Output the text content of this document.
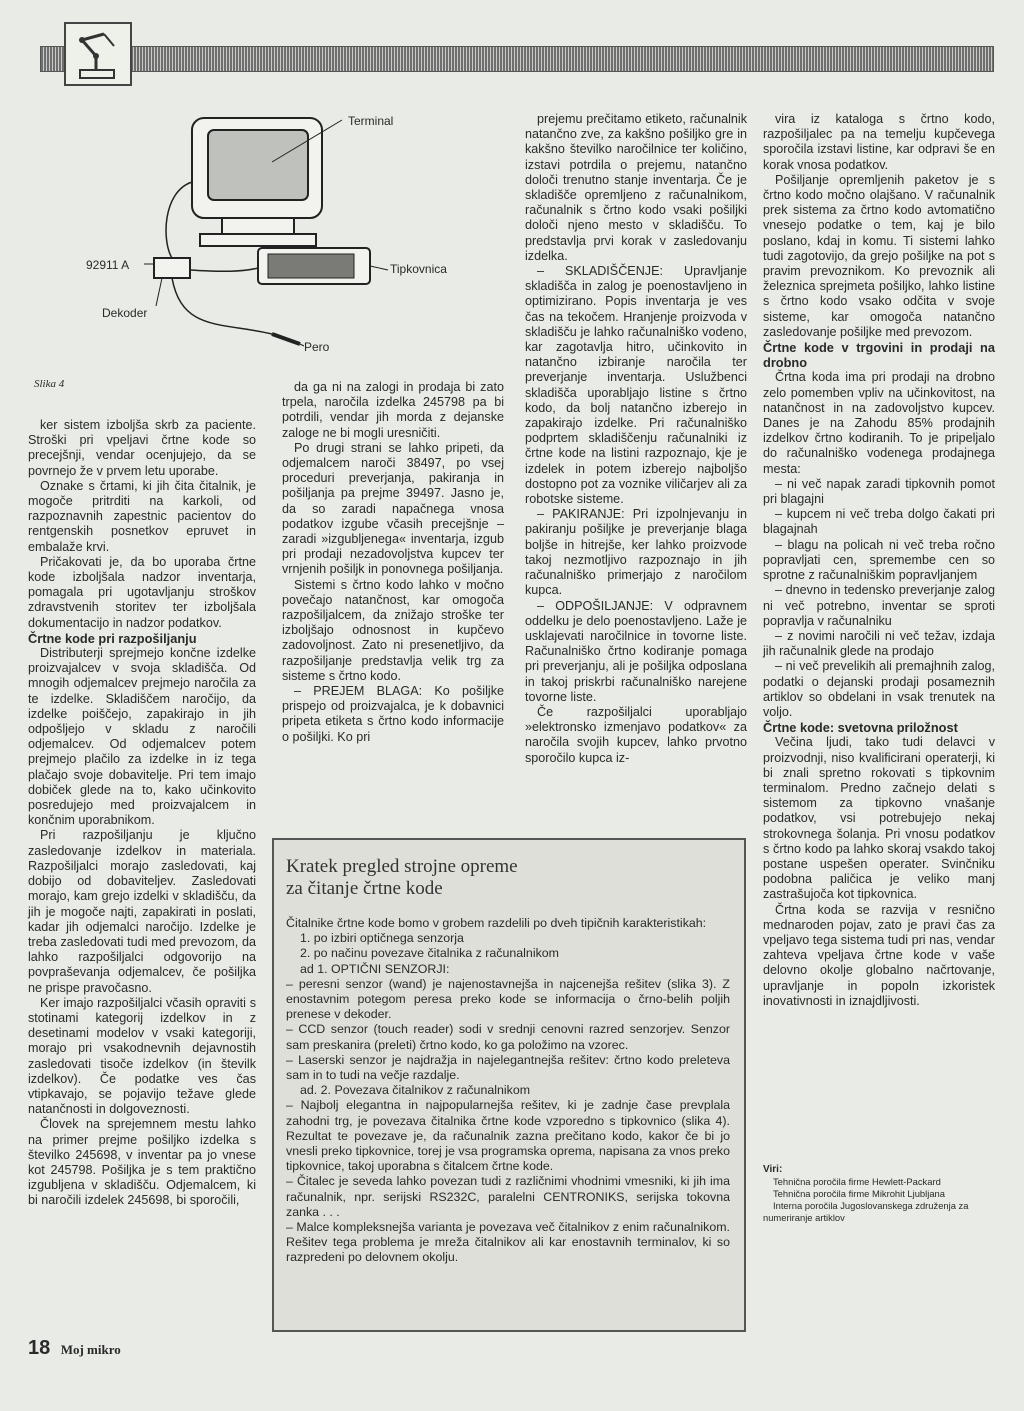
Terminal
92911 A	Tipkovnica
Dekoder
Pero
Slika 4

ker sistem izboljša skrb za paciente. Stroški pri vpeljavi črtne kode so precejšnji, vendar ocenjujejo, da se povrnejo že v prvem letu uporabe.

Oznake s črtami, ki jih čita čitalnik, je mogoče pritrditi na karkoli, od razpoznavnih zapestnic pacientov do rentgenskih posnetkov epruvet in embalaže krvi.

Pričakovati je, da bo uporaba črtne kode izboljšala nadzor inventarja, pomagala pri ugotavljanju stroškov zdravstvenih storitev ter izboljšala dokumentacijo in nadzor podatkov.

Črtne kode pri razpošiljanju

Distributerji sprejmejo končne izdelke proizvajalcev v svoja skladišča. Od mnogih odjemalcev prejmejo naročila za te izdelke. Skladiščem naročijo, da izdelke poiščejo, zapakirajo in jih odpošljejo v skladu z naročili odjemalcev. Od odjemalcev potem prejmejo plačilo za izdelke in iz tega plačajo svoje dobavitelje. Pri tem imajo dobiček glede na to, kako učinkovito posredujejo med proizvajalcem in končnim uporabnikom.

Pri razpošiljanju je ključno zasledovanje izdelkov in materiala. Razpošiljalci morajo zasledovati, kaj dobijo od dobaviteljev. Zasledovati morajo, kam grejo izdelki v skladišču, da jih je mogoče najti, zapakirati in poslati, kadar jih odjemalci naročijo. Izdelke je treba zasledovati tudi med prevozom, da lahko razpošiljalci odgovorijo na povpraševanja odjemalcev, če pošiljka ne prispe pravočasno.

Ker imajo razpošiljalci včasih opraviti s stotinami kategorij izdelkov in z desetinami modelov v vsaki kategoriji, morajo pri vsakodnevnih dejavnostih zasledovati tisoče izdelkov (in številk izdelkov). Če podatke ves čas vtipkavajo, se pojavijo težave glede natančnosti in dolgoveznosti.

Človek na sprejemnem mestu lahko na primer prejme pošiljko izdelka s številko 245698, v inventar pa jo vnese kot 245798. Pošiljka je s tem praktično izgubljena v skladišču. Odjemalcem, ki bi naročili izdelek 245698, bi sporočili,

da ga ni na zalogi in prodaja bi zato trpela, naročila izdelka 245798 pa bi potrdili, vendar jih morda z dejanske zaloge ne bi mogli uresničiti.

Po drugi strani se lahko pripeti, da odjemalcem naroči 38497, po vsej proceduri preverjanja, pakiranja in pošiljanja pa prejme 39497. Jasno je, da so zaradi napačnega vnosa podatkov izgube včasih precejšnje – zaradi »izgubljenega« inventarja, izgub pri prodaji nezadovoljstva kupcev ter vrnjenih pošiljk in ponovnega pošiljanja.

Sistemi s črtno kodo lahko v močno povečajo natančnost, kar omogoča razpošiljalcem, da znižajo stroške ter izboljšajo odnosnost in kupčevo zadovoljnost. Zato ni presenetljivo, da razpošiljanje predstavlja velik trg za sisteme s črtno kodo.

– PREJEM BLAGA: Ko pošiljke prispejo od proizvajalca, je k dobavnici pripeta etiketa s črtno kodo informacije o pošiljki. Ko pri

prejemu prečitamo etiketo, računalnik natančno zve, za kakšno pošiljko gre in kakšno številko naročilnice ter količino, izstavi potrdila o prejemu, natančno določi trenutno stanje inventarja. Če je skladišče opremljeno z računalnikom, računalnik s črtno kodo vsaki pošiljki določi njeno mesto v skladišču. To predstavlja prvi korak v zasledovanju izdelka.

– SKLADIŠČENJE: Upravljanje skladišča in zalog je poenostavljeno in optimizirano. Popis inventarja je ves čas na tekočem. Hranjenje proizvoda v skladišču je lahko računalniško vodeno, kar zagotavlja hitro, učinkovito in natančno izbiranje naročila ter preverjanje inventarja. Uslužbenci skladišča uporabljajo listine s črtno kodo, da bolj natančno izberejo in zapakirajo izdelke. Pri računalniško podprtem skladiščenju računalniki iz črtne kode na listini razpoznajo, kje je izdelek in potem izberejo najboljšo dostopno pot za voznike viličarjev ali za robotske sisteme.

– PAKIRANJE: Pri izpolnjevanju in pakiranju pošiljke je preverjanje blaga boljše in hitrejše, ker lahko proizvode takoj nezmotljivo razpoznajo in jih računalniško primerjajo z naročilom kupca.

– ODPOŠILJANJE: V odpravnem oddelku je delo poenostavljeno. Laže je usklajevati naročilnice in tovorne liste. Računalniško črtno kodiranje pomaga pri preverjanju, ali je pošiljka odposlana in takoj priskrbi računalniško narejene tovorne liste.

Če razpošiljalci uporabljajo »elektronsko izmenjavo podatkov« za naročila svojih kupcev, lahko prvotno sporočilo kupca iz-

vira iz kataloga s črtno kodo, razpošiljalec pa na temelju kupčevega sporočila izstavi listine, kar odpravi še en korak vnosa podatkov.

Pošiljanje opremljenih paketov je s črtno kodo močno olajšano. V računalnik prek sistema za črtno kodo avtomatično vnesejo podatke o tem, kaj je bilo poslano, kdaj in komu. Ti sistemi lahko tudi zagotovijo, da grejo pošiljke na pot s pravim prevoznikom. Ko prevoznik ali železnica sprejmeta pošiljko, lahko listine s črtno kodo vsako odčita v svoje sisteme, kar omogoča natančno zasledovanje pošiljke med prevozom.

Črtne kode v trgovini in prodaji na drobno

Črtna koda ima pri prodaji na drobno zelo pomemben vpliv na učinkovitost, na natančnost in na zadovoljstvo kupcev. Danes je na Zahodu 85% prodajnih izdelkov črtno kodiranih. To je pripeljalo do računalniško vodenega prodajnega mesta:

– ni več napak zaradi tipkovnih pomot pri blagajni

– kupcem ni več treba dolgo čakati pri blagajnah

– blagu na policah ni več treba ročno popravljati cen, spremembe cen so sprotne z računalniškim popravljanjem

– dnevno in tedensko preverjanje zalog ni več potrebno, inventar se sproti popravlja v računalniku

– z novimi naročili ni več težav, izdaja jih računalnik glede na prodajo

– ni več prevelikih ali premajhnih zalog, podatki o dejanski prodaji posameznih artiklov so obdelani in vsak trenutek na voljo.

Črtne kode: svetovna priložnost

Večina ljudi, tako tudi delavci v proizvodnji, niso kvalificirani operaterji, ki bi znali spretno rokovati s tipkovnim terminalom. Predno začnejo delati s sistemom za tipkovno vnašanje podatkov, vsi potrebujejo nekaj strokovnega šolanja. Pri vnosu podatkov s črtno kodo pa lahko skoraj vsakdo takoj postane uspešen operater. Svinčniku podobna paličica je veliko manj zastrašujoča kot tipkovnica.

Črtna koda se razvija v resnično mednaroden pojav, zato je pravi čas za vpeljavo tega sistema tudi pri nas, vendar zahteva vpeljava črtne kode v vaše delovno okolje globalno načrtovanje, upravljanje in popoln izkoristek inovativnosti in iznajdljivosti.

Kratek pregled strojne opreme
za čitanje črtne kode

Čitalnike črtne kode bomo v grobem razdelili po dveh tipičnih karakteristikah:

1. po izbiri optičnega senzorja

2. po načinu povezave čitalnika z računalnikom

ad 1. OPTIČNI SENZORJI:

– peresni senzor (wand) je najenostavnejša in najcenejša rešitev (slika 3). Z enostavnim potegom peresa preko kode se informacija o črno-belih poljih prenese v dekoder.

– CCD senzor (touch reader) sodi v srednji cenovni razred senzorjev. Senzor sam preskanira (preleti) črtno kodo, ko ga položimo na vzorec.

– Laserski senzor je najdražja in najelegantnejša rešitev: črtno kodo preleteva sam in to tudi na večje razdalje.

ad. 2. Povezava čitalnikov z računalnikom

– Najbolj elegantna in najpopularnejša rešitev, ki je zadnje čase prevplala zahodni trg, je povezava čitalnika črtne kode vzporedno s tipkovnico (slika 4). Rezultat te povezave je, da računalnik zazna prečitano kodo, kakor če bi jo vnesli preko tipkovnice, torej je vsa programska oprema, napisana za vnos preko tipkovnice, takoj uporabna s čitalcem črtne kode.

– Čitalec je seveda lahko povezan tudi z različnimi vhodnimi vmesniki, ki jih ima računalnik, npr. serijski RS232C, paralelni CENTRONIKS, serijska tokovna zanka . . .

– Malce kompleksnejša varianta je povezava več čitalnikov z enim računalnikom. Rešitev tega problema je mreža čitalnikov ali kar enostavnih terminalov, ki so razpredeni po delovnem okolju.

Viri:

Tehnična poročila firme Hewlett-Packard

Tehnična poročila firme Mikrohit Ljubljana

Interna poročila Jugoslovanskega združenja za numeriranje artiklov

18 Moj mikro
